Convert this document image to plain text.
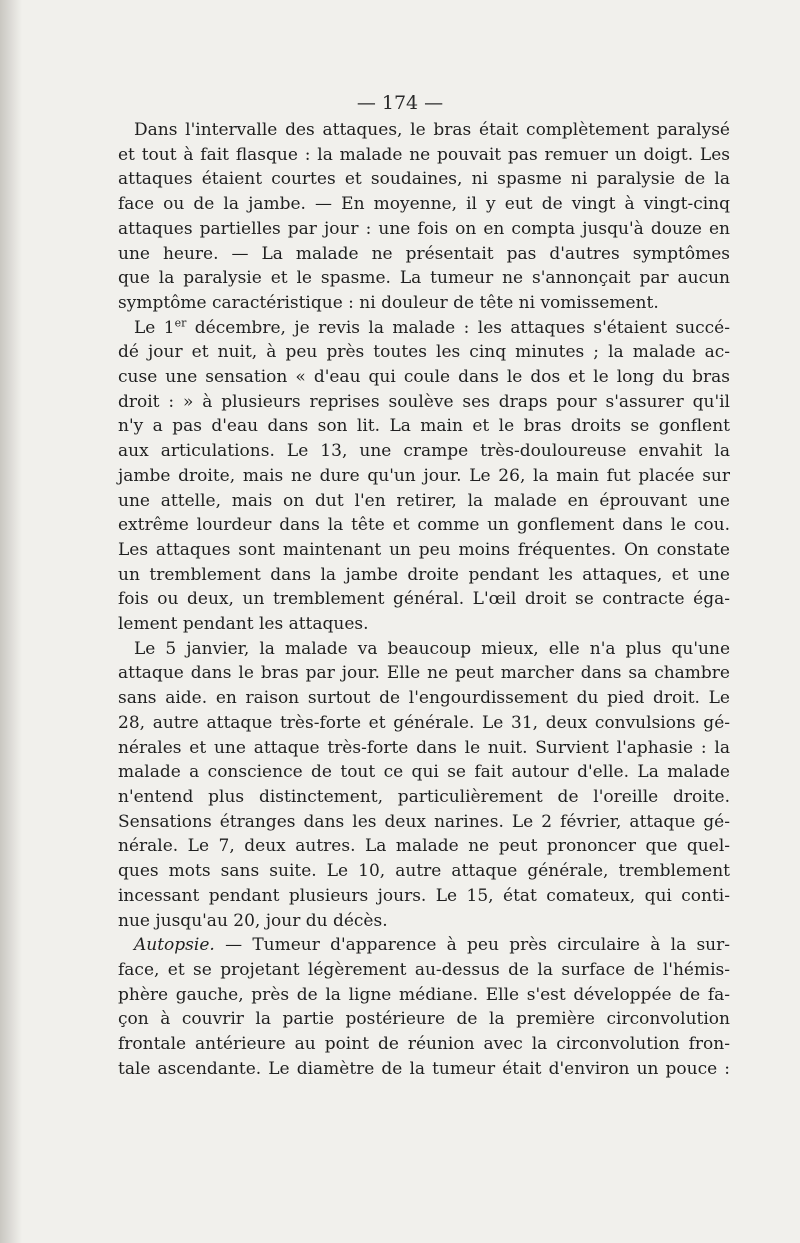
— 174 —

Dans l'intervalle des attaques, le bras était complètement paralysé
et tout à fait flasque : la malade ne pouvait pas remuer un doigt. Les
attaques étaient courtes et soudaines, ni spasme ni paralysie de la
face ou de la jambe. — En moyenne, il y eut de vingt à vingt-cinq
attaques partielles par jour : une fois on en compta jusqu'à douze en
une heure. — La malade ne présentait pas d'autres symptômes
que la paralysie et le spasme. La tumeur ne s'annonçait par aucun
symptôme caractéristique : ni douleur de tête ni vomissement.

Le 1er décembre, je revis la malade : les attaques s'étaient succé-
dé jour et nuit, à peu près toutes les cinq minutes ; la malade ac-
cuse une sensation « d'eau qui coule dans le dos et le long du bras
droit : » à plusieurs reprises soulève ses draps pour s'assurer qu'il
n'y a pas d'eau dans son lit. La main et le bras droits se gonflent
aux articulations. Le 13, une crampe très-douloureuse envahit la
jambe droite, mais ne dure qu'un jour. Le 26, la main fut placée sur
une attelle, mais on dut l'en retirer, la malade en éprouvant une
extrême lourdeur dans la tête et comme un gonflement dans le cou.
Les attaques sont maintenant un peu moins fréquentes. On constate
un tremblement dans la jambe droite pendant les attaques, et une
fois ou deux, un tremblement général. L'œil droit se contracte éga-
lement pendant les attaques.

Le 5 janvier, la malade va beaucoup mieux, elle n'a plus qu'une
attaque dans le bras par jour. Elle ne peut marcher dans sa chambre
sans aide. en raison surtout de l'engourdissement du pied droit. Le
28, autre attaque très-forte et générale. Le 31, deux convulsions gé-
nérales et une attaque très-forte dans le nuit. Survient l'aphasie : la
malade a conscience de tout ce qui se fait autour d'elle. La malade
n'entend plus distinctement, particulièrement de l'oreille droite.
Sensations étranges dans les deux narines. Le 2 février, attaque gé-
nérale. Le 7, deux autres. La malade ne peut prononcer que quel-
ques mots sans suite. Le 10, autre attaque générale, tremblement
incessant pendant plusieurs jours. Le 15, état comateux, qui conti-
nue jusqu'au 20, jour du décès.

Autopsie. — Tumeur d'apparence à peu près circulaire à la sur-
face, et se projetant légèrement au-dessus de la surface de l'hémis-
phère gauche, près de la ligne médiane. Elle s'est développée de fa-
çon à couvrir la partie postérieure de la première circonvolution
frontale antérieure au point de réunion avec la circonvolution fron-
tale ascendante. Le diamètre de la tumeur était d'environ un pouce :
